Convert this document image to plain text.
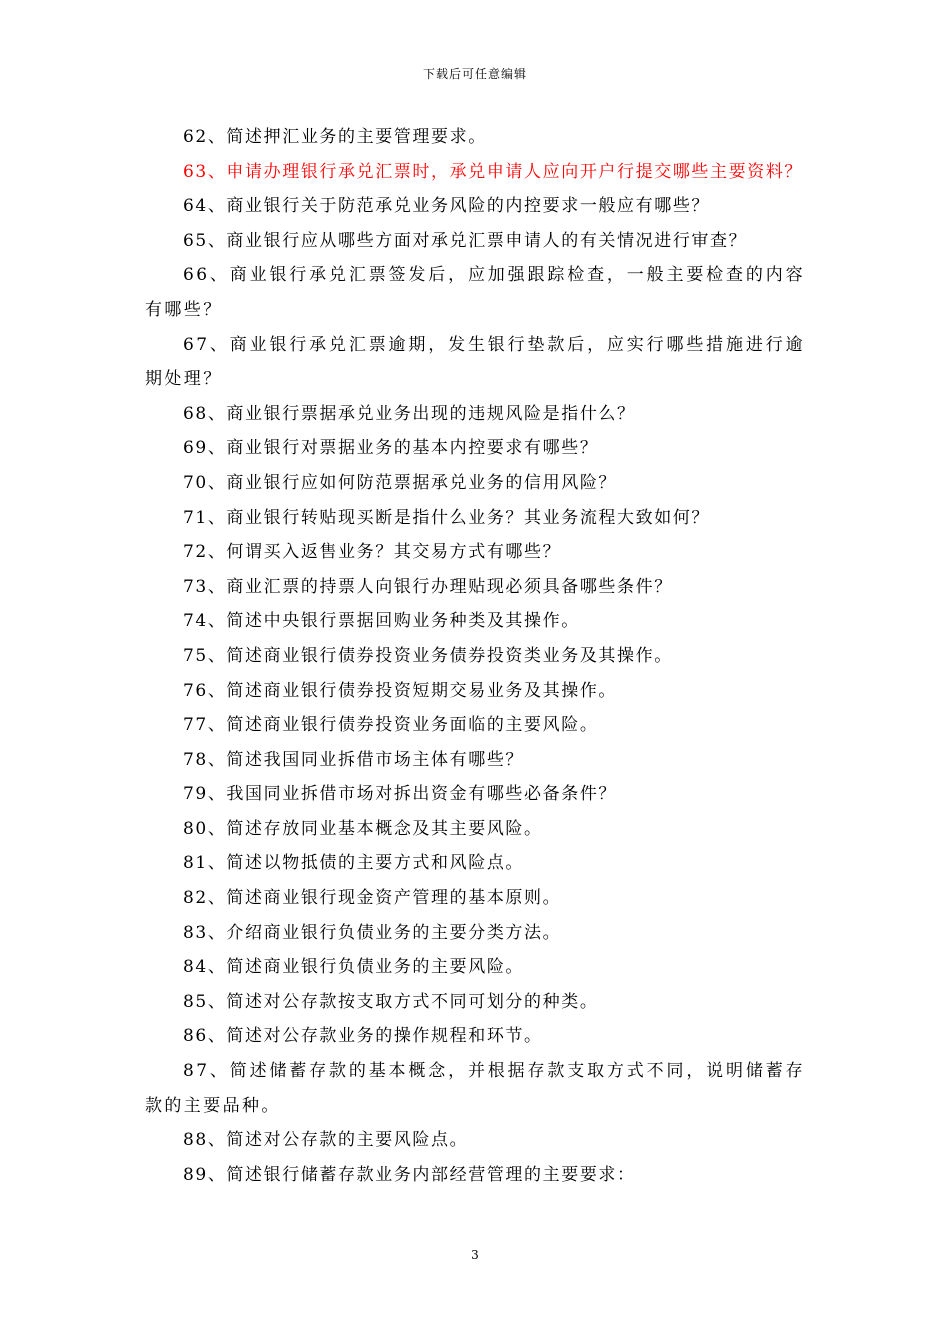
下载后可任意编辑

62、简述押汇业务的主要管理要求。

63、申请办理银行承兑汇票时，承兑申请人应向开户行提交哪些主要资料？

64、商业银行关于防范承兑业务风险的内控要求一般应有哪些？

65、商业银行应从哪些方面对承兑汇票申请人的有关情况进行审查？

66、商业银行承兑汇票签发后，应加强跟踪检查，一般主要检查的内容有哪些？

67、商业银行承兑汇票逾期，发生银行垫款后，应实行哪些措施进行逾期处理？

68、商业银行票据承兑业务出现的违规风险是指什么？

69、商业银行对票据业务的基本内控要求有哪些？

70、商业银行应如何防范票据承兑业务的信用风险？

71、商业银行转贴现买断是指什么业务？其业务流程大致如何？

72、何谓买入返售业务？其交易方式有哪些？

73、商业汇票的持票人向银行办理贴现必须具备哪些条件？

74、简述中央银行票据回购业务种类及其操作。

75、简述商业银行债券投资业务债券投资类业务及其操作。

76、简述商业银行债券投资短期交易业务及其操作。

77、简述商业银行债券投资业务面临的主要风险。

78、简述我国同业拆借市场主体有哪些？

79、我国同业拆借市场对拆出资金有哪些必备条件？

80、简述存放同业基本概念及其主要风险。

81、简述以物抵债的主要方式和风险点。

82、简述商业银行现金资产管理的基本原则。

83、介绍商业银行负债业务的主要分类方法。

84、简述商业银行负债业务的主要风险。

85、简述对公存款按支取方式不同可划分的种类。

86、简述对公存款业务的操作规程和环节。

87、简述储蓄存款的基本概念，并根据存款支取方式不同，说明储蓄存款的主要品种。

88、简述对公存款的主要风险点。

89、简述银行储蓄存款业务内部经营管理的主要要求：

3
